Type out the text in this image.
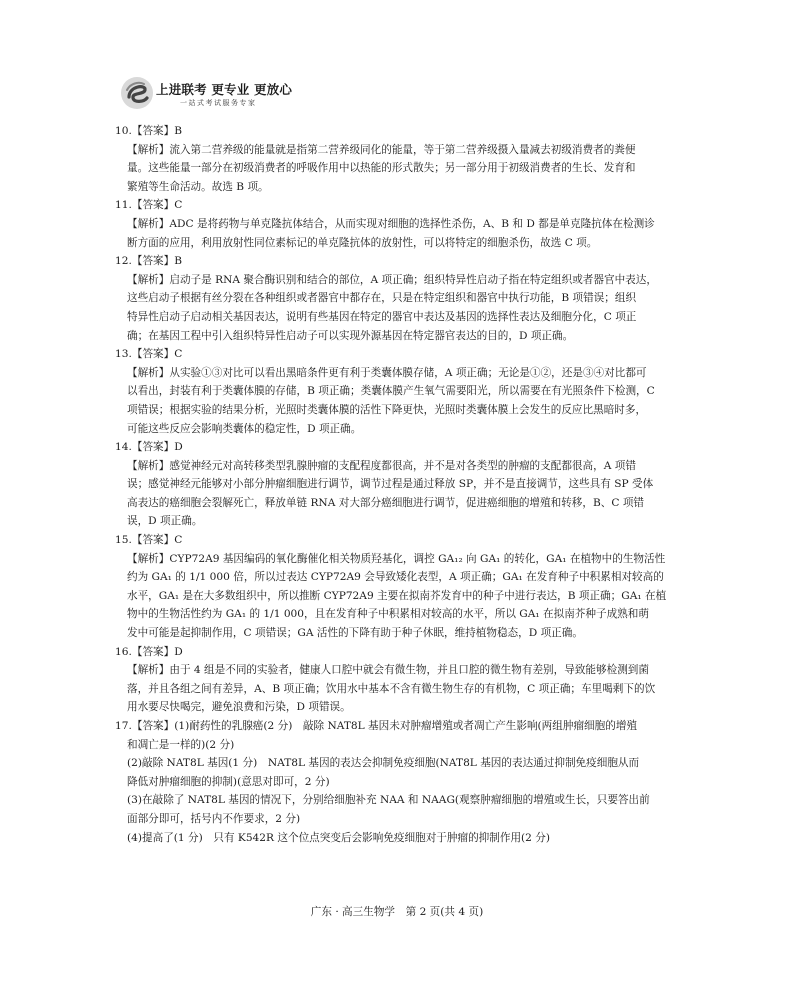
上进联考 更专业 更放心
一站式考试服务专家

10.【答案】B

【解析】流入第二营养级的能量就是指第二营养级同化的能量，等于第二营养级摄入量减去初级消费者的粪便

量。这些能量一部分在初级消费者的呼吸作用中以热能的形式散失；另一部分用于初级消费者的生长、发育和

繁殖等生命活动。故选 B 项。

11.【答案】C

【解析】ADC 是将药物与单克隆抗体结合，从而实现对细胞的选择性杀伤，A、B 和 D 都是单克隆抗体在检测诊

断方面的应用，利用放射性同位素标记的单克隆抗体的放射性，可以将特定的细胞杀伤，故选 C 项。

12.【答案】B

【解析】启动子是 RNA 聚合酶识别和结合的部位，A 项正确；组织特异性启动子指在特定组织或者器官中表达，

这些启动子根据有丝分裂在各种组织或者器官中都存在，只是在特定组织和器官中执行功能，B 项错误；组织

特异性启动子启动相关基因表达，说明有些基因在特定的器官中表达及基因的选择性表达及细胞分化，C 项正

确；在基因工程中引入组织特异性启动子可以实现外源基因在特定器官表达的目的，D 项正确。

13.【答案】C

【解析】从实验①③对比可以看出黑暗条件更有利于类囊体膜存储，A 项正确；无论是①②，还是③④对比都可

以看出，封装有利于类囊体膜的存储，B 项正确；类囊体膜产生氧气需要阳光，所以需要在有光照条件下检测，C

项错误；根据实验的结果分析，光照时类囊体膜的活性下降更快，光照时类囊体膜上会发生的反应比黑暗时多，

可能这些反应会影响类囊体的稳定性，D 项正确。

14.【答案】D

【解析】感觉神经元对高转移类型乳腺肿瘤的支配程度都很高，并不是对各类型的肿瘤的支配都很高，A 项错

误；感觉神经元能够对小部分肿瘤细胞进行调节，调节过程是通过释放 SP，并不是直接调节，这些具有 SP 受体

高表达的癌细胞会裂解死亡，释放单链 RNA 对大部分癌细胞进行调节，促进癌细胞的增殖和转移，B、C 项错

误，D 项正确。

15.【答案】C

【解析】CYP72A9 基因编码的氧化酶催化相关物质羟基化，调控 GA₁₂ 向 GA₁ 的转化，GA₁ 在植物中的生物活性

约为 GA₁ 的 1/1 000 倍，所以过表达 CYP72A9 会导致矮化表型，A 项正确；GA₁ 在发育种子中积累相对较高的

水平，GA₁ 是在大多数组织中，所以推断 CYP72A9 主要在拟南芥发育中的种子中进行表达，B 项正确；GA₁ 在植

物中的生物活性约为 GA₁ 的 1/1 000，且在发育种子中积累相对较高的水平，所以 GA₁ 在拟南芥种子成熟和萌

发中可能是起抑制作用，C 项错误；GA 活性的下降有助于种子休眠，维持植物稳态，D 项正确。

16.【答案】D

【解析】由于 4 组是不同的实验者，健康人口腔中就会有微生物，并且口腔的微生物有差别，导致能够检测到菌

落，并且各组之间有差异，A、B 项正确；饮用水中基本不含有微生物生存的有机物，C 项正确；车里喝剩下的饮

用水要尽快喝完，避免浪费和污染，D 项错误。

17.【答案】(1)耐药性的乳腺癌(2 分)　敲除 NAT8L 基因未对肿瘤增殖或者凋亡产生影响(两组肿瘤细胞的增殖

和凋亡是一样的)(2 分)

(2)敲除 NAT8L 基因(1 分)　NAT8L 基因的表达会抑制免疫细胞(NAT8L 基因的表达通过抑制免疫细胞从而

降低对肿瘤细胞的抑制)(意思对即可，2 分)

(3)在敲除了 NAT8L 基因的情况下，分别给细胞补充 NAA 和 NAAG(观察肿瘤细胞的增殖或生长，只要答出前

面部分即可，括号内不作要求，2 分)

(4)提高了(1 分)　只有 K542R 这个位点突变后会影响免疫细胞对于肿瘤的抑制作用(2 分)

广东 · 高三生物学　第 2 页(共 4 页)
